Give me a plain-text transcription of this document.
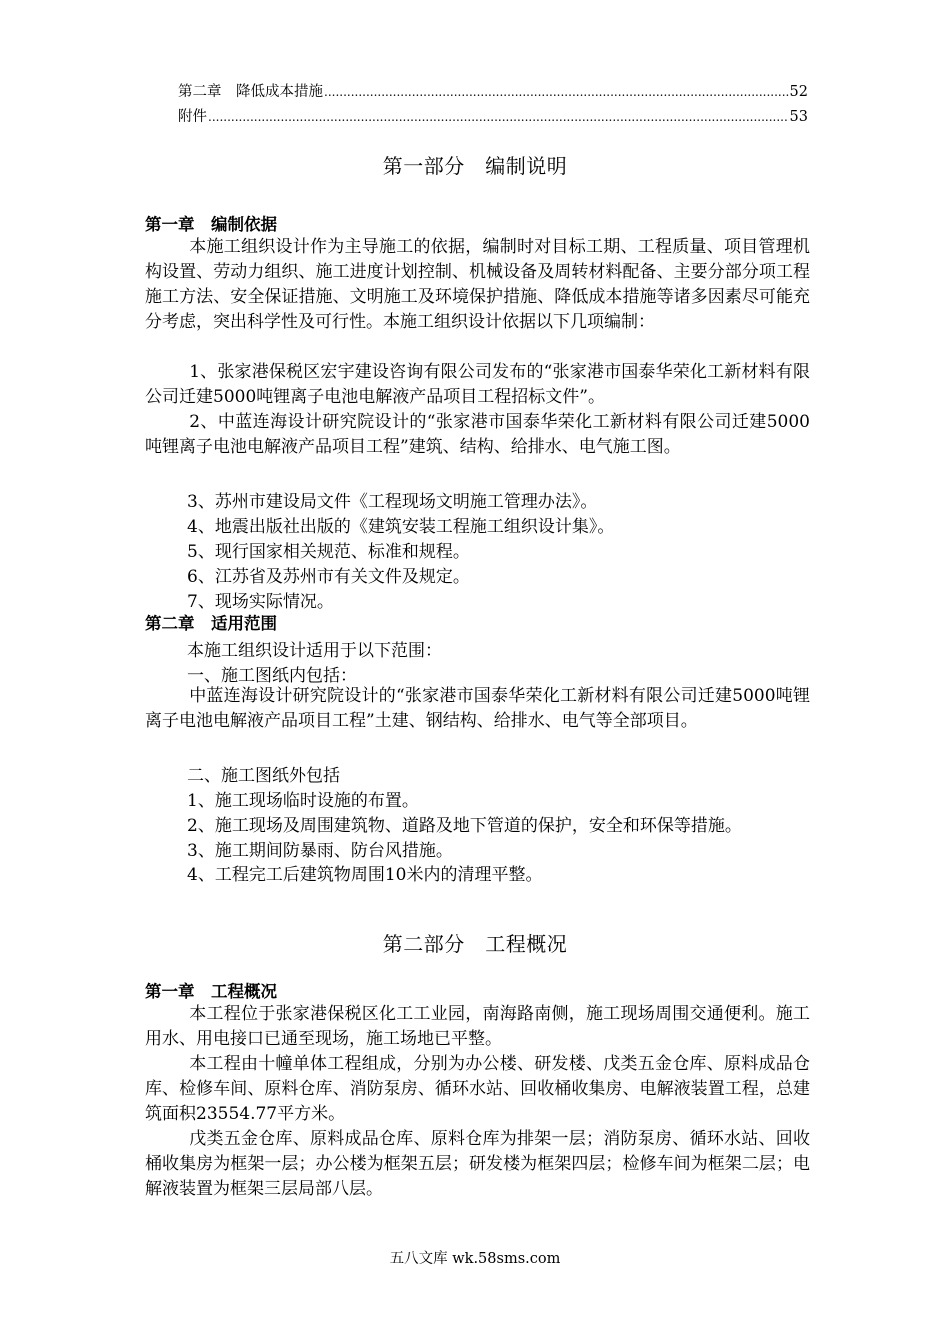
第二章　降低成本措施 .....	52
附件 .....	53
第一部分　编制说明
第一章　编制依据
本施工组织设计作为主导施工的依据，编制时对目标工期、工程质量、项目管理机构设置、劳动力组织、施工进度计划控制、机械设备及周转材料配备、主要分部分项工程施工方法、安全保证措施、文明施工及环境保护措施、降低成本措施等诸多因素尽可能充分考虑，突出科学性及可行性。本施工组织设计依据以下几项编制：
1、张家港保税区宏宇建设咨询有限公司发布的“张家港市国泰华荣化工新材料有限公司迁建5000吨锂离子电池电解液产品项目工程招标文件”。
2、中蓝连海设计研究院设计的“张家港市国泰华荣化工新材料有限公司迁建5000吨锂离子电池电解液产品项目工程”建筑、结构、给排水、电气施工图。
3、苏州市建设局文件《工程现场文明施工管理办法》。
4、地震出版社出版的《建筑安装工程施工组织设计集》。
5、现行国家相关规范、标准和规程。
6、江苏省及苏州市有关文件及规定。
7、现场实际情况。
第二章　适用范围
本施工组织设计适用于以下范围：
一、施工图纸内包括：
中蓝连海设计研究院设计的“张家港市国泰华荣化工新材料有限公司迁建5000吨锂离子电池电解液产品项目工程”土建、钢结构、给排水、电气等全部项目。
二、施工图纸外包括
1、施工现场临时设施的布置。
2、施工现场及周围建筑物、道路及地下管道的保护，安全和环保等措施。
3、施工期间防暴雨、防台风措施。
4、工程完工后建筑物周围10米内的清理平整。
第二部分　工程概况
第一章　工程概况
本工程位于张家港保税区化工工业园，南海路南侧，施工现场周围交通便利。施工用水、用电接口已通至现场，施工场地已平整。
本工程由十幢单体工程组成，分别为办公楼、研发楼、戊类五金仓库、原料成品仓库、检修车间、原料仓库、消防泵房、循环水站、回收桶收集房、电解液装置工程，总建筑面积23554.77平方米。
戊类五金仓库、原料成品仓库、原料仓库为排架一层；消防泵房、循环水站、回收桶收集房为框架一层；办公楼为框架五层；研发楼为框架四层；检修车间为框架二层；电解液装置为框架三层局部八层。
五八文库 wk.58sms.com
